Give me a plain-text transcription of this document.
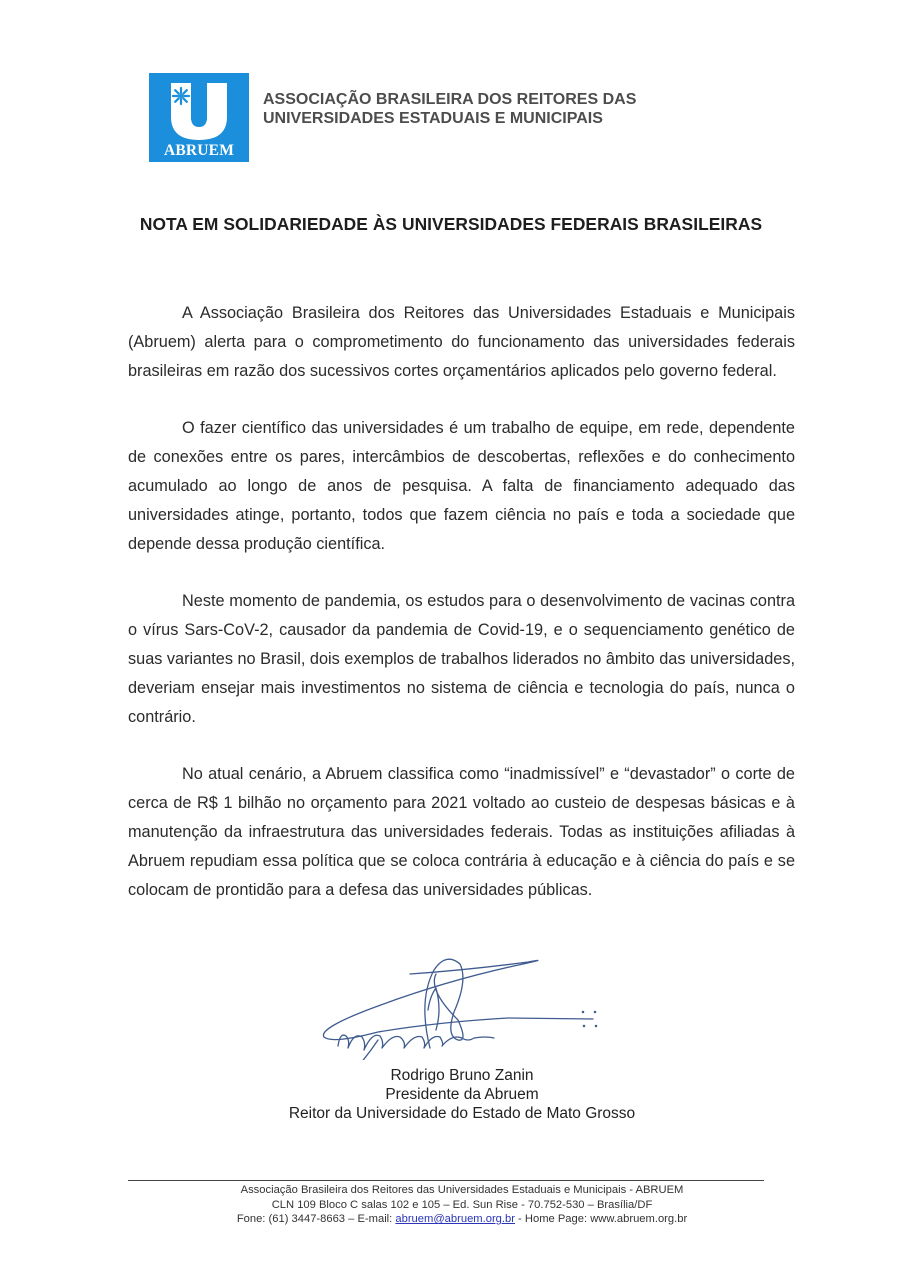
ABRUEM
ASSOCIAÇÃO BRASILEIRA DOS REITORES DAS
UNIVERSIDADES ESTADUAIS E MUNICIPAIS
NOTA EM SOLIDARIEDADE ÀS UNIVERSIDADES FEDERAIS BRASILEIRAS

A Associação Brasileira dos Reitores das Universidades Estaduais e Municipais (Abruem) alerta para o comprometimento do funcionamento das universidades federais brasileiras em razão dos sucessivos cortes orçamentários aplicados pelo governo federal.

O fazer científico das universidades é um trabalho de equipe, em rede, dependente de conexões entre os pares, intercâmbios de descobertas, reflexões e do conhecimento acumulado ao longo de anos de pesquisa. A falta de financiamento adequado das universidades atinge, portanto, todos que fazem ciência no país e toda a sociedade que depende dessa produção científica.

Neste momento de pandemia, os estudos para o desenvolvimento de vacinas contra o vírus Sars-CoV-2, causador da pandemia de Covid-19, e o sequenciamento genético de suas variantes no Brasil, dois exemplos de trabalhos liderados no âmbito das universidades, deveriam ensejar mais investimentos no sistema de ciência e tecnologia do país, nunca o contrário.

No atual cenário, a Abruem classifica como “inadmissível” e “devastador” o corte de cerca de R$ 1 bilhão no orçamento para 2021 voltado ao custeio de despesas básicas e à manutenção da infraestrutura das universidades federais. Todas as instituições afiliadas à Abruem repudiam essa política que se coloca contrária à educação e à ciência do país e se colocam de prontidão para a defesa das universidades públicas.

Rodrigo Bruno Zanin
Presidente da Abruem
Reitor da Universidade do Estado de Mato Grosso
Associação Brasileira dos Reitores das Universidades Estaduais e Municipais - ABRUEM
CLN 109 Bloco C salas 102 e 105 – Ed. Sun Rise - 70.752-530 – Brasília/DF
Fone: (61) 3447-8663 – E-mail: abruem@abruem.org.br - Home Page: www.abruem.org.br
